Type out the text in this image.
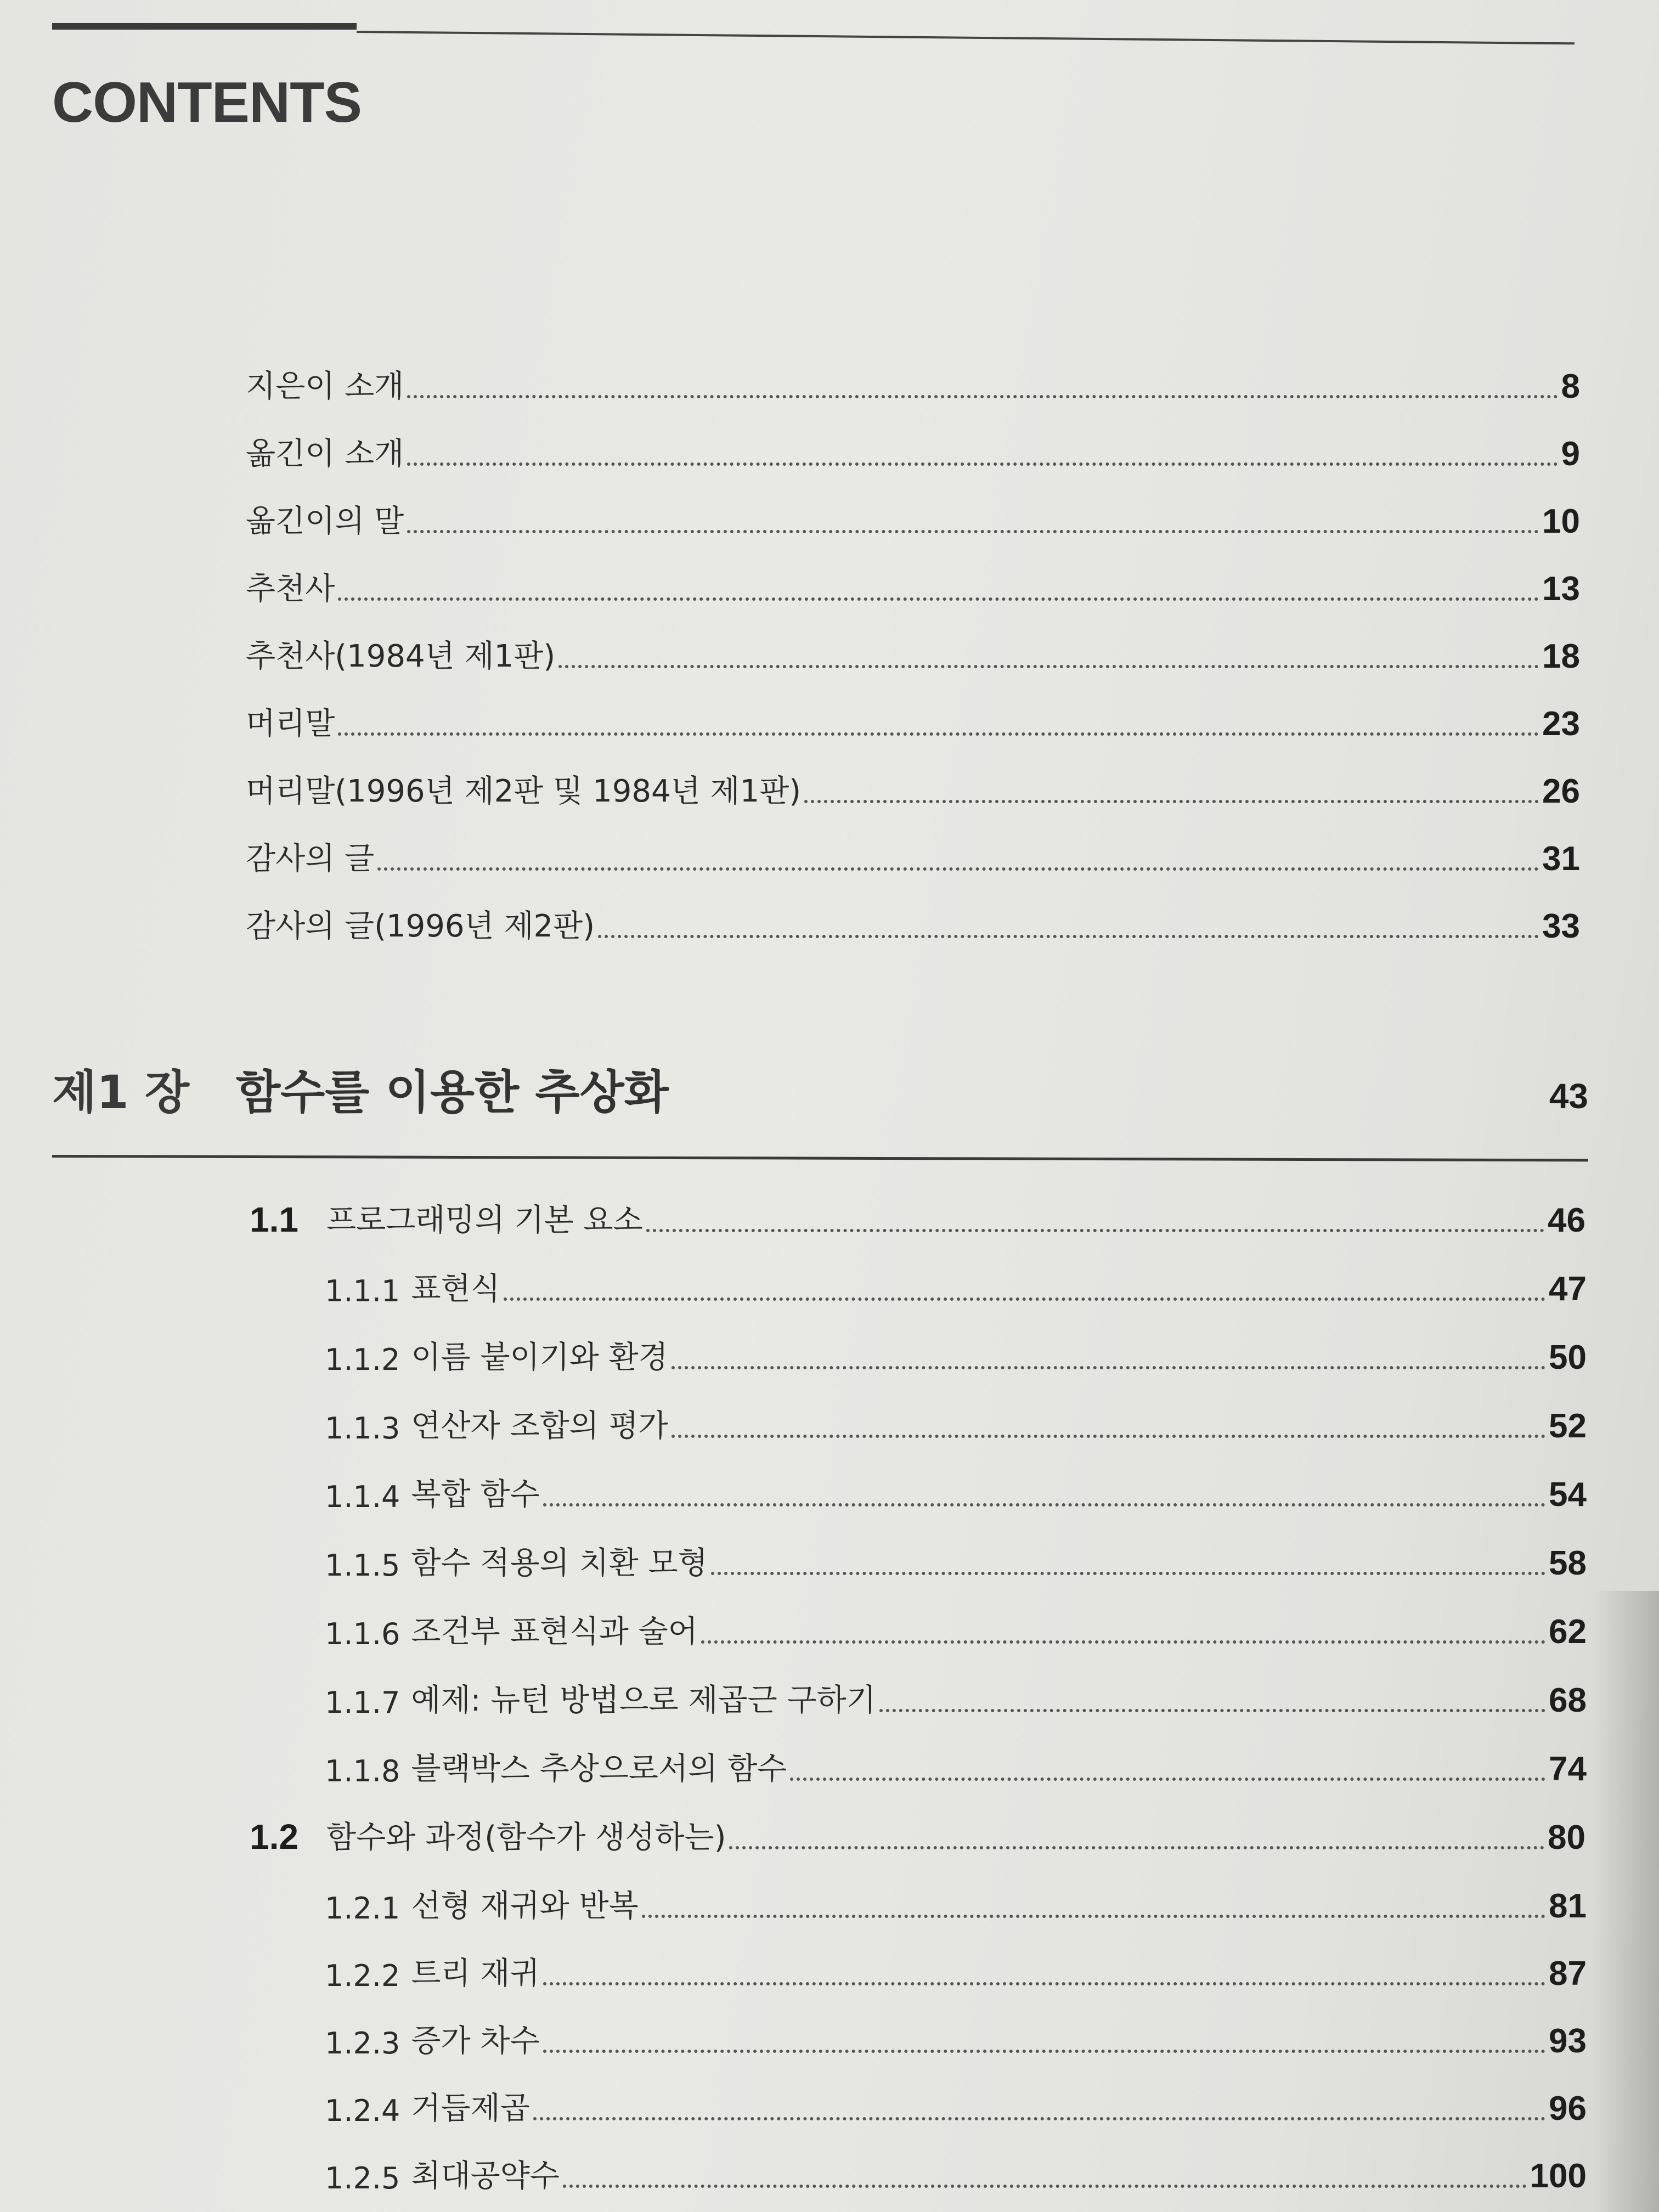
CONTENTS
지은이 소개	8
옮긴이 소개	9
옮긴이의 말	10
추천사	13
추천사(1984년 제1판)	18
머리말	23
머리말(1996년 제2판 및 1984년 제1판)	26
감사의 글	31
감사의 글(1996년 제2판)	33
제1 장	함수를 이용한 추상화	43
1.1 프로그래밍의 기본 요소	46
1.1.1 표현식	47
1.1.2 이름 붙이기와 환경	50
1.1.3 연산자 조합의 평가	52
1.1.4 복합 함수	54
1.1.5 함수 적용의 치환 모형	58
1.1.6 조건부 표현식과 술어	62
1.1.7 예제: 뉴턴 방법으로 제곱근 구하기	68
1.1.8 블랙박스 추상으로서의 함수	74
1.2 함수와 과정(함수가 생성하는)	80
1.2.1 선형 재귀와 반복	81
1.2.2 트리 재귀	87
1.2.3 증가 차수	93
1.2.4 거듭제곱	96
1.2.5 최대공약수	100
